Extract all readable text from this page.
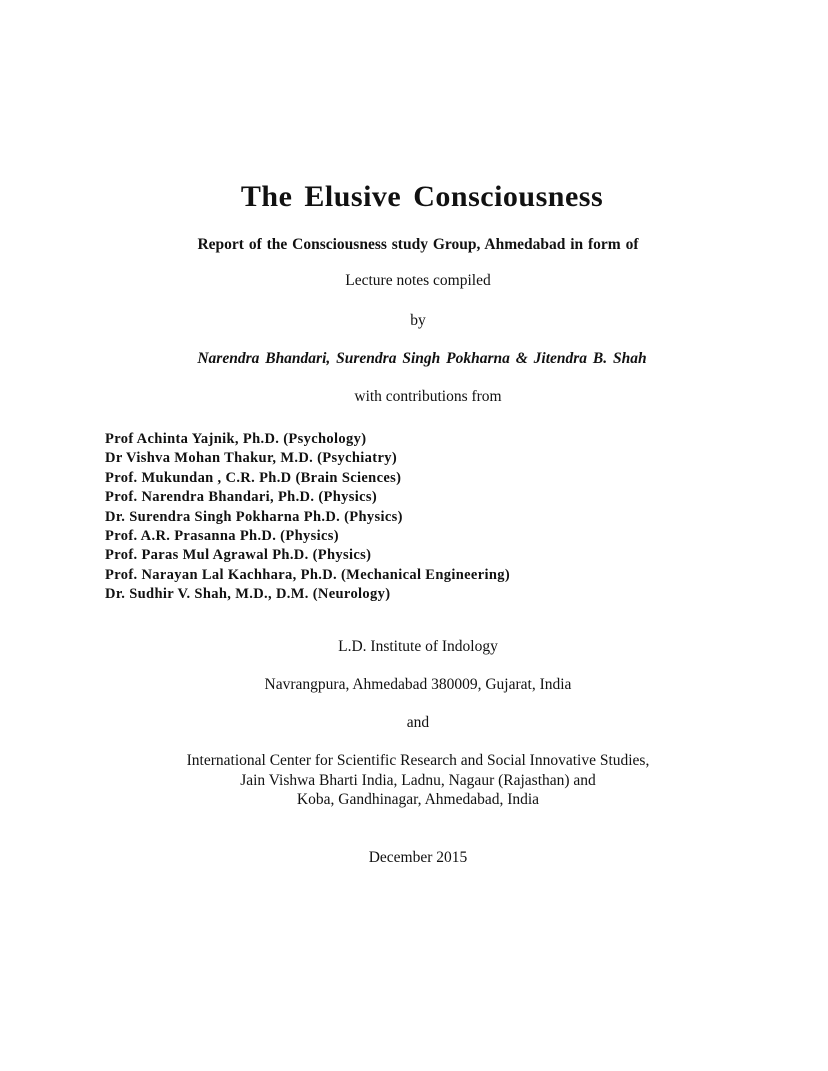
The Elusive Consciousness
Report of the Consciousness study Group, Ahmedabad in form of
Lecture notes compiled
by
Narendra Bhandari, Surendra Singh Pokharna & Jitendra B. Shah
with contributions from
Prof Achinta Yajnik, Ph.D. (Psychology)
Dr Vishva Mohan Thakur, M.D. (Psychiatry)
Prof. Mukundan , C.R. Ph.D (Brain Sciences)
Prof. Narendra Bhandari, Ph.D. (Physics)
Dr. Surendra Singh Pokharna Ph.D. (Physics)
Prof. A.R. Prasanna Ph.D. (Physics)
Prof. Paras Mul Agrawal Ph.D. (Physics)
Prof. Narayan Lal Kachhara, Ph.D. (Mechanical Engineering)
Dr. Sudhir V. Shah, M.D., D.M. (Neurology)
L.D. Institute of Indology
Navrangpura, Ahmedabad 380009, Gujarat, India
and
International Center for Scientific Research and Social Innovative Studies,
Jain Vishwa Bharti India, Ladnu, Nagaur (Rajasthan) and
Koba, Gandhinagar, Ahmedabad, India
December 2015
